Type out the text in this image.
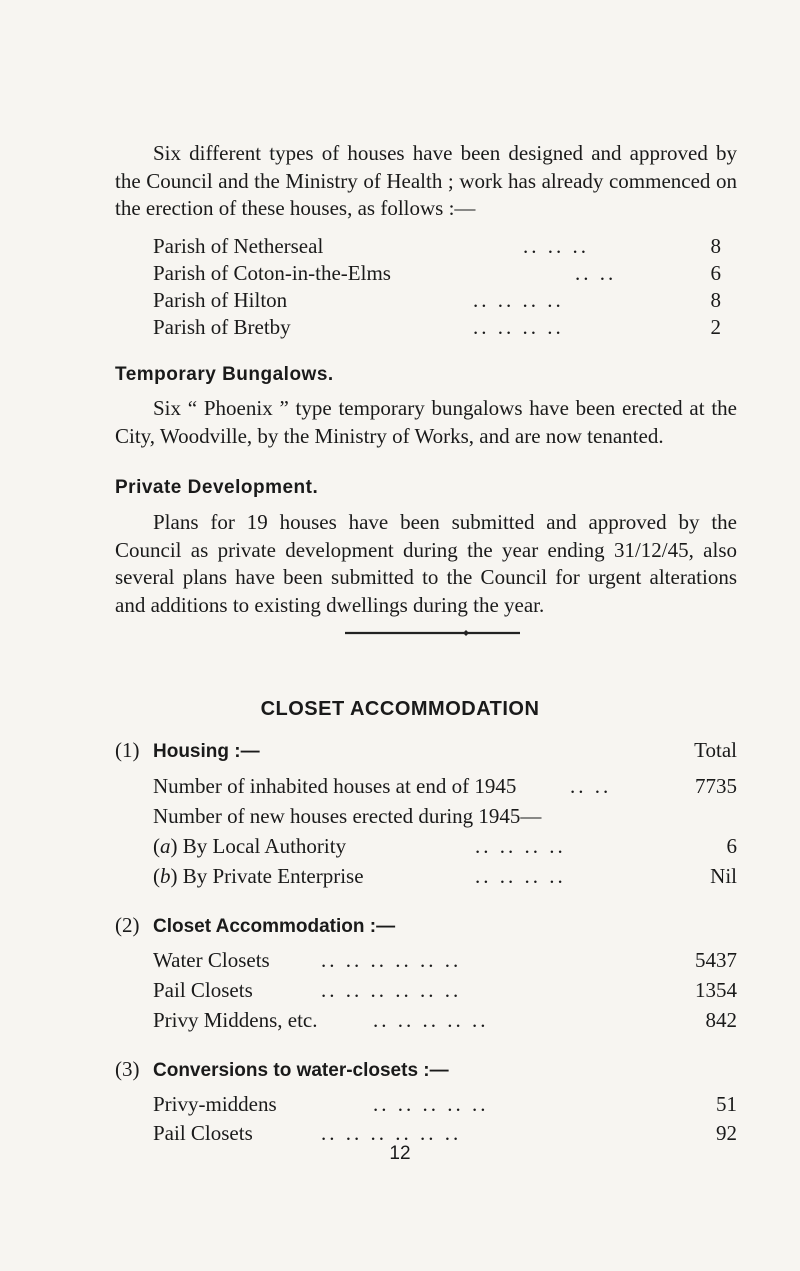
Six different types of houses have been designed and approved by the Council and the Ministry of Health ; work has already commenced on the erection of these houses, as follows :—

Parish of Netherseal	.. .. ..	8
Parish of Coton-in-the-Elms	.. ..	6
Parish of Hilton	.. .. .. ..	8
Parish of Bretby	.. .. .. ..	2
Temporary Bungalows.

Six “ Phoenix ” type temporary bungalows have been erected at the City, Woodville, by the Ministry of Works, and are now tenanted.

Private Development.

Plans for 19 houses have been submitted and approved by the Council as private development during the year ending 31/12/45, also several plans have been submitted to the Council for urgent alterations and additions to existing dwellings during the year.

CLOSET ACCOMMODATION
Total
(1) Housing :—
Number of inhabited houses at end of 1945	.. ..	7735
Number of new houses erected during 1945—
(a) By Local Authority	.. .. .. ..	6
(b) By Private Enterprise	.. .. .. ..	Nil
(2) Closet Accommodation :—
Water Closets .. .. .. .. .. ..	5437
Pail Closets	.. .. .. .. .. ..	1354
Privy Middens, etc.	.. .. .. .. ..	842
(3) Conversions to water-closets :—
Privy-middens	.. .. .. .. ..	51
Pail Closets	.. .. .. .. .. ..	92
12
